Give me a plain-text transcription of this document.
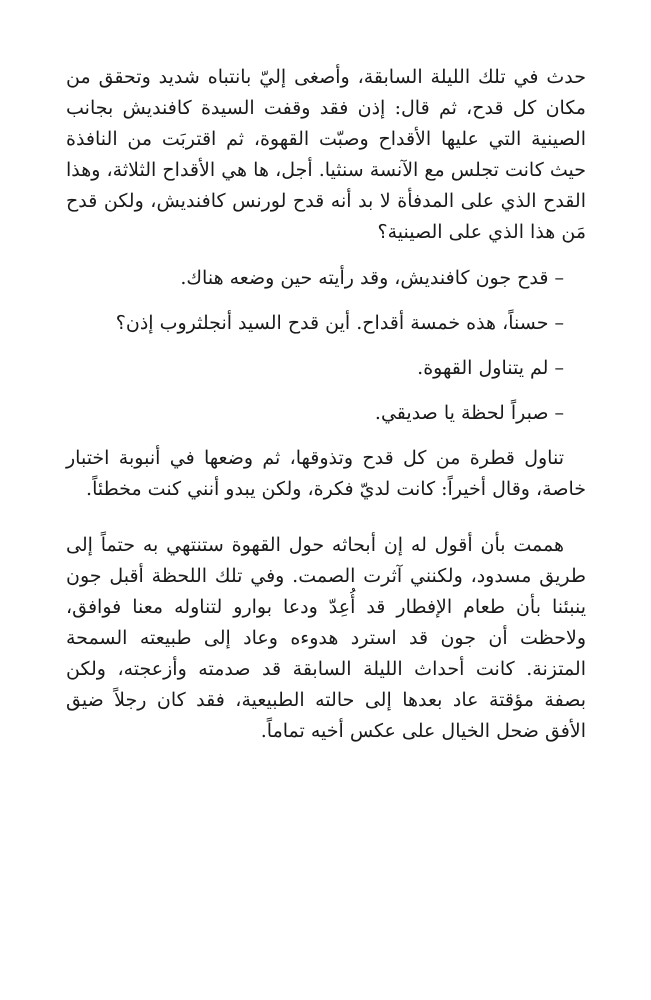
حدث في تلك الليلة السابقة، وأصغى إليّ بانتباه شديد وتحقق من مكان كل قدح، ثم قال: إذن فقد وقفت السيدة كافنديش بجانب الصينية التي عليها الأقداح وصبّت القهوة، ثم اقتربَت من النافذة حيث كانت تجلس مع الآنسة سنثيا. أجل، ها هي الأقداح الثلاثة، وهذا القدح الذي على المدفأة لا بد أنه قدح لورنس كافنديش، ولكن قدح مَن هذا الذي على الصينية؟

– قدح جون كافنديش، وقد رأيته حين وضعه هناك.

– حسناً، هذه خمسة أقداح. أين قدح السيد أنجلثروب إذن؟

– لم يتناول القهوة.

– صبراً لحظة يا صديقي.

تناول قطرة من كل قدح وتذوقها، ثم وضعها في أنبوبة اختبار خاصة، وقال أخيراً: كانت لديّ فكرة، ولكن يبدو أنني كنت مخطئاً.

هممت بأن أقول له إن أبحاثه حول القهوة ستنتهي به حتماً إلى طريق مسدود، ولكنني آثرت الصمت. وفي تلك اللحظة أقبل جون ينبئنا بأن طعام الإفطار قد أُعِدّ ودعا بوارو لتناوله معنا فوافق، ولاحظت أن جون قد استرد هدوءه وعاد إلى طبيعته السمحة المتزنة. كانت أحداث الليلة السابقة قد صدمته وأزعجته، ولكن بصفة مؤقتة عاد بعدها إلى حالته الطبيعية، فقد كان رجلاً ضيق الأفق ضحل الخيال على عكس أخيه تماماً.
